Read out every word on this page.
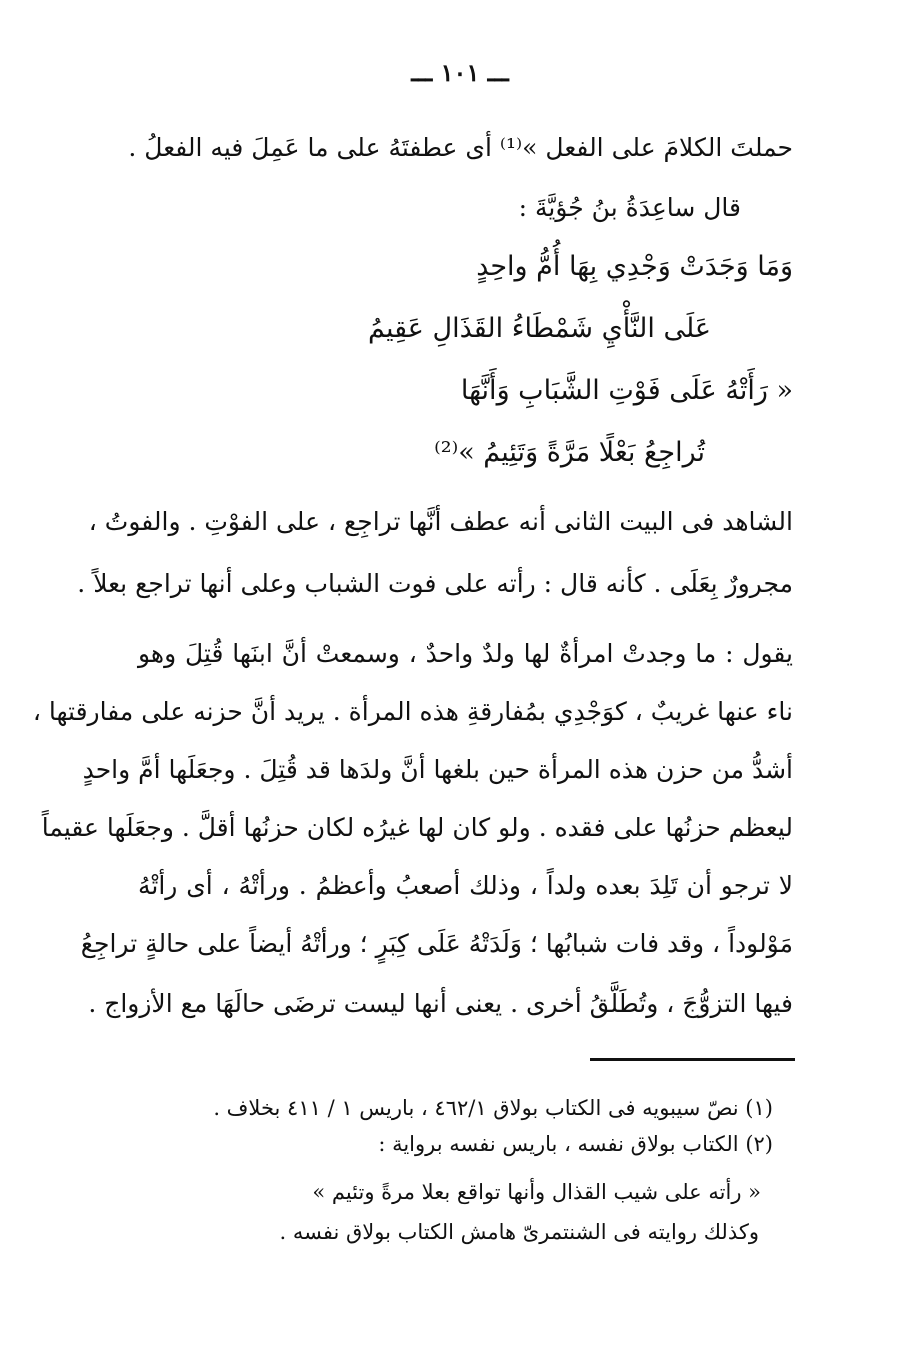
ـــ ١٠١ ـــ
حملتَ الكلامَ على الفعل »⁽¹⁾ أى عطفتَهُ على ما عَمِلَ فيه الفعلُ .
قال ساعِدَةُ بنُ جُؤيَّةَ :
وَمَا وَجَدَتْ وَجْدِي بِهَا أُمُّ واحِدٍ
عَلَى النَّأْيِ شَمْطَاءُ القَذَالِ عَقِيمُ
« رَأَتْهُ عَلَى فَوْتِ الشَّبَابِ وَأَنَّهَا
تُراجِعُ بَعْلًا مَرَّةً وَتَئِيمُ »⁽²⁾
الشاهد فى البيت الثانى أنه عطف أنَّها تراجِع ، على الفوْتِ . والفوتُ ،
مجرورٌ بِعَلَى . كأنه قال : رأته على فوت الشباب وعلى أنها تراجع بعلاً .
يقول : ما وجدتْ امرأةٌ لها ولدٌ واحدٌ ، وسمعتْ أنَّ ابنَها قُتِلَ وهو
ناء عنها غريبٌ ، كوَجْدِي بمُفارقةِ هذه المرأة . يريد أنَّ حزنه على مفارقتها ،
أشدُّ من حزن هذه المرأة حين بلغها أنَّ ولدَها قد قُتِلَ . وجعَلَها أمَّ واحدٍ
ليعظم حزنُها على فقده . ولو كان لها غيرُه لكان حزنُها أقلَّ . وجعَلَها عقيماً
لا ترجو أن تَلِدَ بعده ولداً ، وذلك أصعبُ وأعظمُ . ورأتْهُ ، أى رأتْهُ
مَوْلوداً ، وقد فات شبابُها ؛ وَلَدَتْهُ عَلَى كِبَرٍ ؛ ورأتْهُ أيضاً على حالةٍ تراجِعُ
فيها التزوُّجَ ، وتُطَلَّقُ أخرى . يعنى أنها ليست ترضَى حالَهَا مع الأزواج .
(١) نصّ سيبويه فى الكتاب بولاق ٤٦٢/١ ، باريس ١ / ٤١١ بخلاف .
(٢) الكتاب بولاق نفسه ، باريس نفسه برواية :
« رأته على شيب القذال وأنها تواقع بعلا مرةً وتئيم »
وكذلك روايته فى الشنتمرىّ هامش الكتاب بولاق نفسه .
